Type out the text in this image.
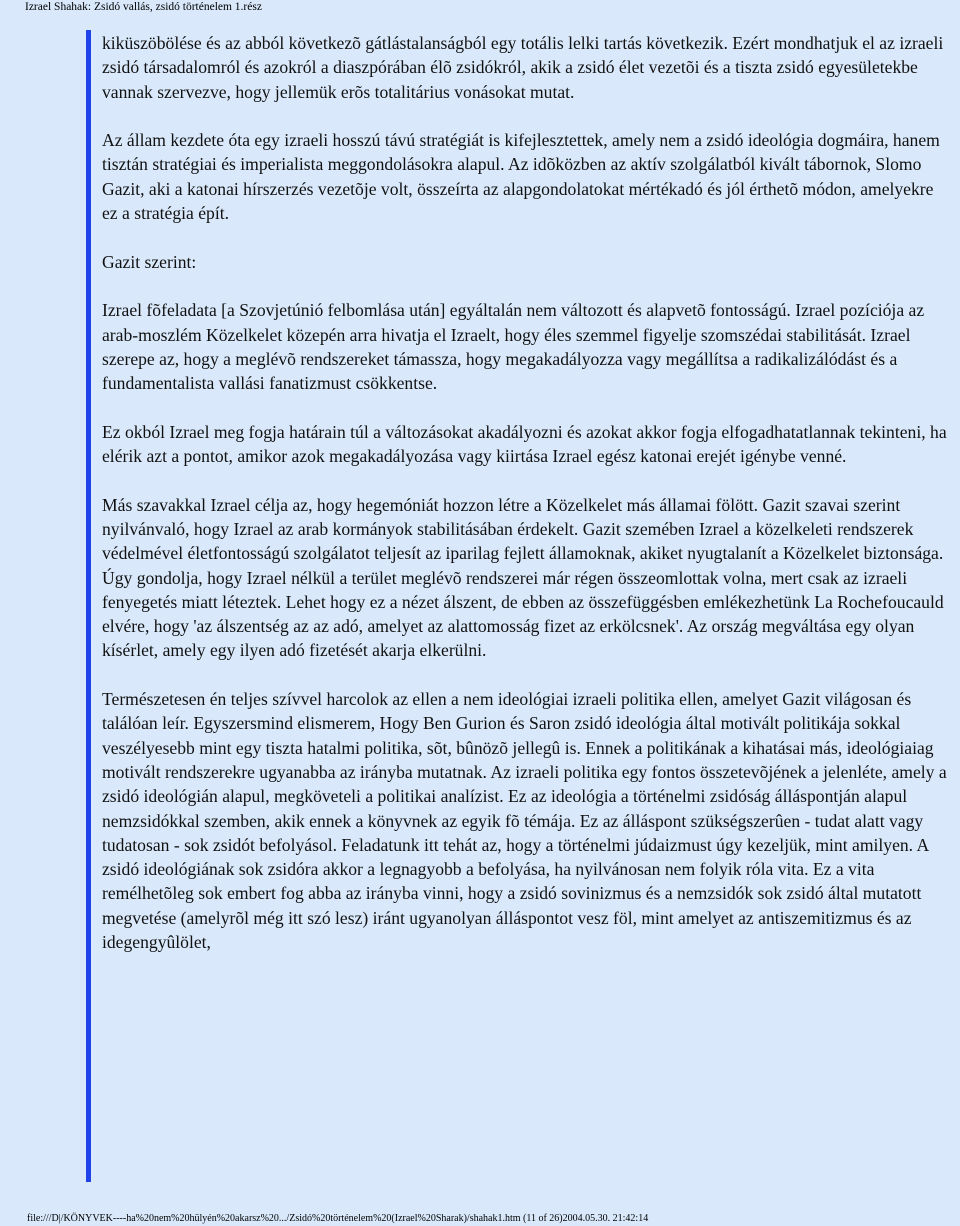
Izrael Shahak: Zsidó vallás, zsidó történelem 1.rész

kiküszöbölése és az abból következõ gátlástalanságból egy totális lelki tartás következik. Ezért mondhatjuk el az izraeli zsidó társadalomról és azokról a diaszpórában élõ zsidókról, akik a zsidó élet vezetõi és a tiszta zsidó egyesületekbe vannak szervezve, hogy jellemük erõs totalitárius vonásokat mutat.

Az állam kezdete óta egy izraeli hosszú távú stratégiát is kifejlesztettek, amely nem a zsidó ideológia dogmáira, hanem tisztán stratégiai és imperialista meggondolásokra alapul. Az idõközben az aktív szolgálatból kivált tábornok, Slomo Gazit, aki a katonai hírszerzés vezetõje volt, összeírta az alapgondolatokat mértékadó és jól érthetõ módon, amelyekre ez a stratégia épít.

Gazit szerint:

Izrael fõfeladata [a Szovjetúnió felbomlása után] egyáltalán nem változott és alapvetõ fontosságú. Izrael pozíciója az arab-moszlém Közelkelet közepén arra hivatja el Izraelt, hogy éles szemmel figyelje szomszédai stabilitását. Izrael szerepe az, hogy a meglévõ rendszereket támassza, hogy megakadályozza vagy megállítsa a radikalizálódást és a fundamentalista vallási fanatizmust csökkentse.

Ez okból Izrael meg fogja határain túl a változásokat akadályozni és azokat akkor fogja elfogadhatatlannak tekinteni, ha elérik azt a pontot, amikor azok megakadályozása vagy kiirtása Izrael egész katonai erejét igénybe venné.

Más szavakkal Izrael célja az, hogy hegemóniát hozzon létre a Közelkelet más államai fölött. Gazit szavai szerint nyilvánvaló, hogy Izrael az arab kormányok stabilitásában érdekelt. Gazit szemében Izrael a közelkeleti rendszerek védelmével életfontosságú szolgálatot teljesít az iparilag fejlett államoknak, akiket nyugtalanít a Közelkelet biztonsága. Úgy gondolja, hogy Izrael nélkül a terület meglévõ rendszerei már régen összeomlottak volna, mert csak az izraeli fenyegetés miatt léteztek. Lehet hogy ez a nézet álszent, de ebben az összefüggésben emlékezhetünk La Rochefoucauld elvére, hogy 'az álszentség az az adó, amelyet az alattomosság fizet az erkölcsnek'. Az ország megváltása egy olyan kísérlet, amely egy ilyen adó fizetését akarja elkerülni.

Természetesen én teljes szívvel harcolok az ellen a nem ideológiai izraeli politika ellen, amelyet Gazit világosan és találóan leír. Egyszersmind elismerem, Hogy Ben Gurion és Saron zsidó ideológia által motivált politikája sokkal veszélyesebb mint egy tiszta hatalmi politika, sõt, bûnözõ jellegû is. Ennek a politikának a kihatásai más, ideológiaiag motivált rendszerekre ugyanabba az irányba mutatnak. Az izraeli politika egy fontos összetevõjének a jelenléte, amely a zsidó ideológián alapul, megköveteli a politikai analízist. Ez az ideológia a történelmi zsidóság álláspontján alapul nemzsidókkal szemben, akik ennek a könyvnek az egyik fõ témája. Ez az álláspont szükségszerûen - tudat alatt vagy tudatosan - sok zsidót befolyásol. Feladatunk itt tehát az, hogy a történelmi júdaizmust úgy kezeljük, mint amilyen. A zsidó ideológiának sok zsidóra akkor a legnagyobb a befolyása, ha nyilvánosan nem folyik róla vita. Ez a vita remélhetõleg sok embert fog abba az irányba vinni, hogy a zsidó sovinizmus és a nemzsidók sok zsidó által mutatott megvetése (amelyrõl még itt szó lesz) iránt ugyanolyan álláspontot vesz föl, mint amelyet az antiszemitizmus és az idegengyûlölet,

file:///D|/KÖNYVEK----ha%20nem%20hülyén%20akarsz%20.../Zsidó%20történelem%20(Izrael%20Sharak)/shahak1.htm (11 of 26)2004.05.30. 21:42:14
